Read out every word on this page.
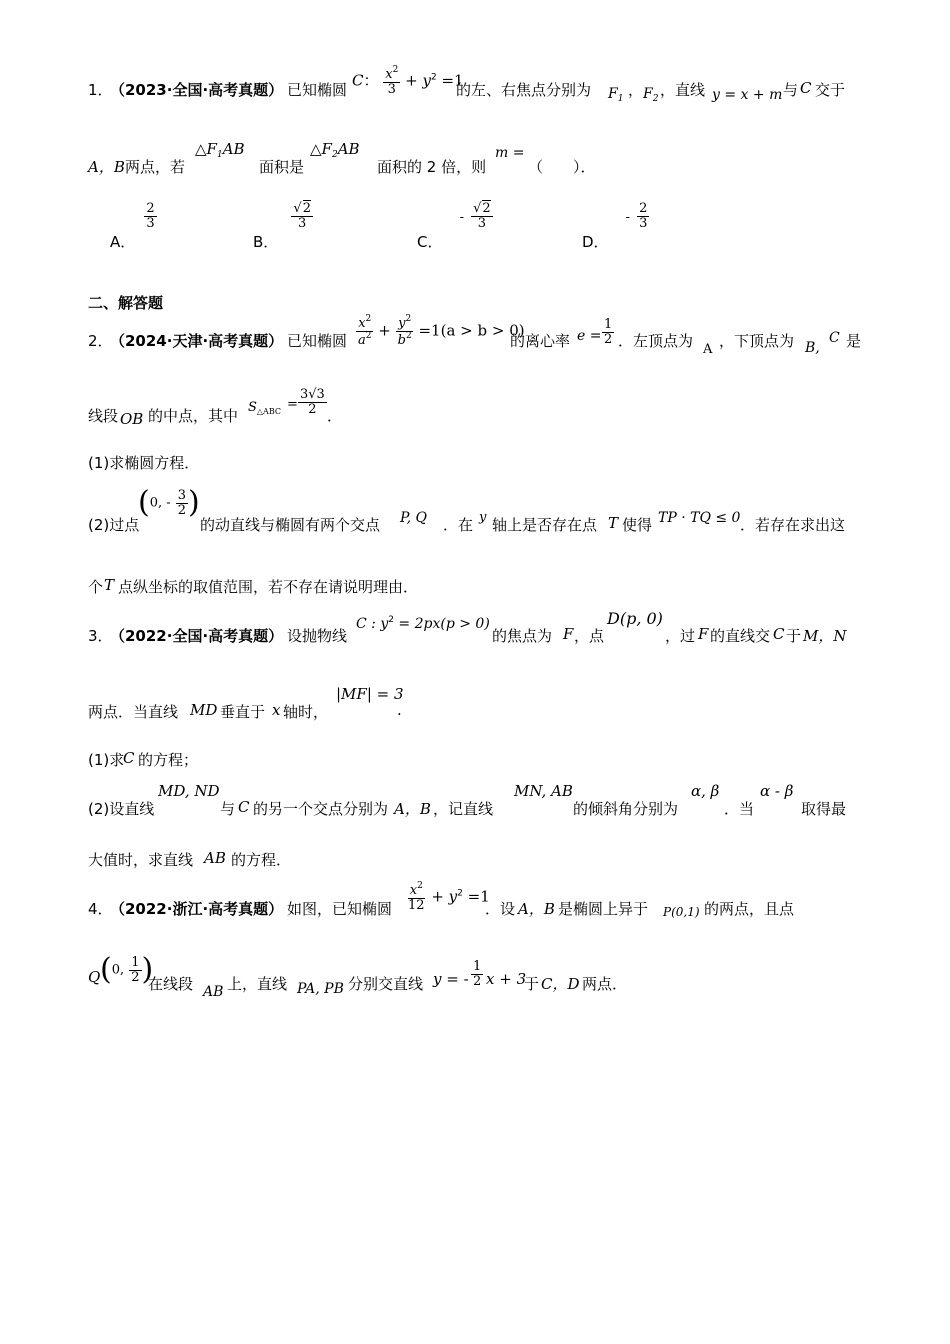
1．
（2023·全国·高考真题） 已知椭圆
C： $\frac{x^2}{3} + y^2 =1$
的左、右焦点分别为 $F_1$ ， $F_2$ ，直线 y = x + m 与 C 交于
A，B 两点，若
$\triangle F_1AB$
面积是
$\triangle F_2AB$
面积的 2 倍，则
m =
（　　）．
A．
$\frac{2}{3}$
B．
$\frac{√2}{3}$
C． - $\frac{√2}{3}$
D． - $\frac{2}{3}$
二、解答题
2．
（2024·天津·高考真题） 已知椭圆 $\frac{x^2}{a^2} + \frac{y^2}{b^2} =1(a > b > 0)$
的离心率 $e = \frac{1}{2}$ ．左顶点为 A ，下顶点为 B,
C 是
线段 OB 的中点，其中 $S_{\triangle ABC} = \frac{3√3}{2}$ ．
(1)求椭圆方程．
(2)过点
(0, - $\frac{3}{2}$ )
的动直线与椭圆有两个交点 P, Q ．在 y 轴上是否存在点 T 使得 TP · TQ ≤ 0 ．若存在求出这
个 T 点纵坐标的取值范围，若不存在请说明理由．
3．
（2022·全国·高考真题） 设抛物线
C : $y^2 = 2px(p > 0)$
的焦点为 F ，点
D(p, 0)
，过 F 的直线交 C 于 M，N
两点．当直线 MD 垂直于 x 轴时，
|MF| = 3
.
(1)求
C 的方程；
(2)设直线
MD, ND
与 C 的另一个交点分别为 A，B ，记直线
MN, AB
的倾斜角分别为
α, β
．当
α - β
取得最
大值时，求直线 AB 的方程．
4．
（2022·浙江·高考真题） 如图，已知椭圆 $\frac{x^2}{12} + y^2 =1$
．设 A，B 是椭圆上异于 P(0,1) 的两点，且点
Q (0, $\frac{1}{2}$ )
在线段 AB 上，直线 PA, PB 分别交直线 y = - $\frac{1}{2}$ x + 3
于 C，D 两点．
